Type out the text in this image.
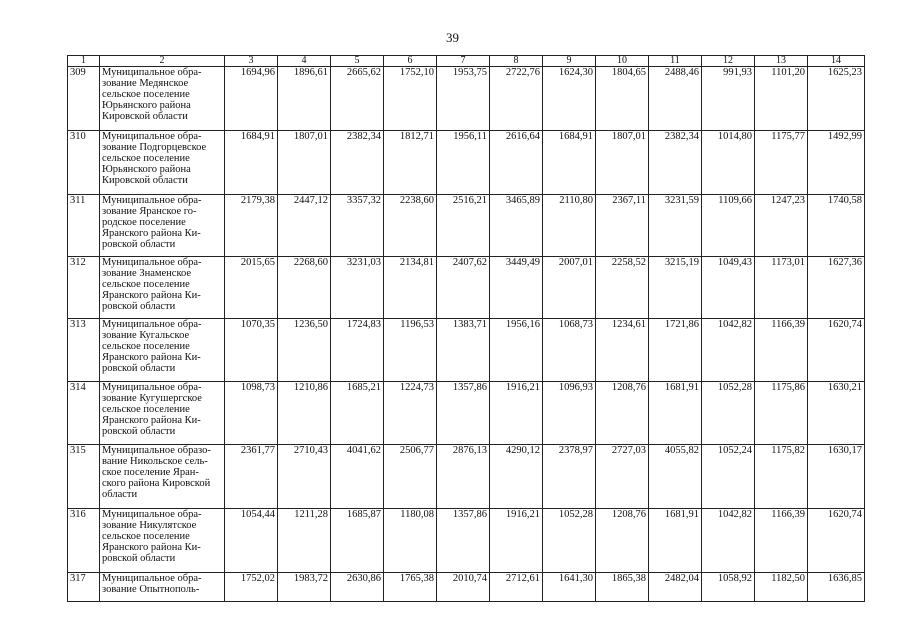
39
1	2	3	4	5	6	7	8	9	10	11	12	13	14
309	Муниципальное обра-
зование Медянское
сельское поселение
Юрьянского района
Кировской области	1694,96	1896,61	2665,62	1752,10	1953,75	2722,76	1624,30	1804,65	2488,46	991,93	1101,20	1625,23
310	Муниципальное обра-
зование Подгорцевское
сельское поселение
Юрьянского района
Кировской области	1684,91	1807,01	2382,34	1812,71	1956,11	2616,64	1684,91	1807,01	2382,34	1014,80	1175,77	1492,99
311	Муниципальное обра-
зование Яранское го-
родское поселение
Яранского района Ки-
ровской области	2179,38	2447,12	3357,32	2238,60	2516,21	3465,89	2110,80	2367,11	3231,59	1109,66	1247,23	1740,58
312	Муниципальное обра-
зование Знаменское
сельское поселение
Яранского района Ки-
ровской области	2015,65	2268,60	3231,03	2134,81	2407,62	3449,49	2007,01	2258,52	3215,19	1049,43	1173,01	1627,36
313	Муниципальное обра-
зование Кугальское
сельское поселение
Яранского района Ки-
ровской области	1070,35	1236,50	1724,83	1196,53	1383,71	1956,16	1068,73	1234,61	1721,86	1042,82	1166,39	1620,74
314	Муниципальное обра-
зование Кугушергское
сельское поселение
Яранского района Ки-
ровской области	1098,73	1210,86	1685,21	1224,73	1357,86	1916,21	1096,93	1208,76	1681,91	1052,28	1175,86	1630,21
315	Муниципальное образо-
вание Никольское сель-
ское поселение Яран-
ского района Кировской
области	2361,77	2710,43	4041,62	2506,77	2876,13	4290,12	2378,97	2727,03	4055,82	1052,24	1175,82	1630,17
316	Муниципальное обра-
зование Никулятское
сельское поселение
Яранского района Ки-
ровской области	1054,44	1211,28	1685,87	1180,08	1357,86	1916,21	1052,28	1208,76	1681,91	1042,82	1166,39	1620,74
317	Муниципальное обра-
зование Опытнополь-	1752,02	1983,72	2630,86	1765,38	2010,74	2712,61	1641,30	1865,38	2482,04	1058,92	1182,50	1636,85
